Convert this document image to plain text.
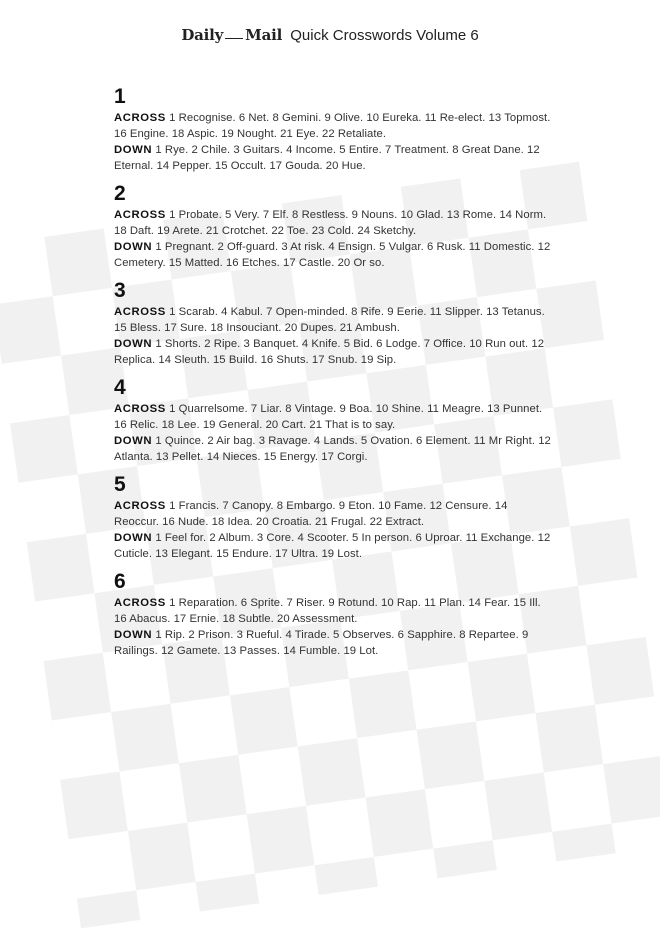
Daily Mail Quick Crosswords Volume 6
1
ACROSS 1 Recognise. 6 Net. 8 Gemini. 9 Olive. 10 Eureka. 11 Re-elect. 13 Topmost. 16 Engine. 18 Aspic. 19 Nought. 21 Eye. 22 Retaliate.
DOWN 1 Rye. 2 Chile. 3 Guitars. 4 Income. 5 Entire. 7 Treatment. 8 Great Dane. 12 Eternal. 14 Pepper. 15 Occult. 17 Gouda. 20 Hue.
2
ACROSS 1 Probate. 5 Very. 7 Elf. 8 Restless. 9 Nouns. 10 Glad. 13 Rome. 14 Norm. 18 Daft. 19 Arete. 21 Crotchet. 22 Toe. 23 Cold. 24 Sketchy.
DOWN 1 Pregnant. 2 Off-guard. 3 At risk. 4 Ensign. 5 Vulgar. 6 Rusk. 11 Domestic. 12 Cemetery. 15 Matted. 16 Etches. 17 Castle. 20 Or so.
3
ACROSS 1 Scarab. 4 Kabul. 7 Open-minded. 8 Rife. 9 Eerie. 11 Slipper. 13 Tetanus. 15 Bless. 17 Sure. 18 Insouciant. 20 Dupes. 21 Ambush.
DOWN 1 Shorts. 2 Ripe. 3 Banquet. 4 Knife. 5 Bid. 6 Lodge. 7 Office. 10 Run out. 12 Replica. 14 Sleuth. 15 Build. 16 Shuts. 17 Snub. 19 Sip.
4
ACROSS 1 Quarrelsome. 7 Liar. 8 Vintage. 9 Boa. 10 Shine. 11 Meagre. 13 Punnet. 16 Relic. 18 Lee. 19 General. 20 Cart. 21 That is to say.
DOWN 1 Quince. 2 Air bag. 3 Ravage. 4 Lands. 5 Ovation. 6 Element. 11 Mr Right. 12 Atlanta. 13 Pellet. 14 Nieces. 15 Energy. 17 Corgi.
5
ACROSS 1 Francis. 7 Canopy. 8 Embargo. 9 Eton. 10 Fame. 12 Censure. 14 Reoccur. 16 Nude. 18 Idea. 20 Croatia. 21 Frugal. 22 Extract.
DOWN 1 Feel for. 2 Album. 3 Core. 4 Scooter. 5 In person. 6 Uproar. 11 Exchange. 12 Cuticle. 13 Elegant. 15 Endure. 17 Ultra. 19 Lost.
6
ACROSS 1 Reparation. 6 Sprite. 7 Riser. 9 Rotund. 10 Rap. 11 Plan. 14 Fear. 15 Ill. 16 Abacus. 17 Ernie. 18 Subtle. 20 Assessment.
DOWN 1 Rip. 2 Prison. 3 Rueful. 4 Tirade. 5 Observes. 6 Sapphire. 8 Repartee. 9 Railings. 12 Gamete. 13 Passes. 14 Fumble. 19 Lot.
